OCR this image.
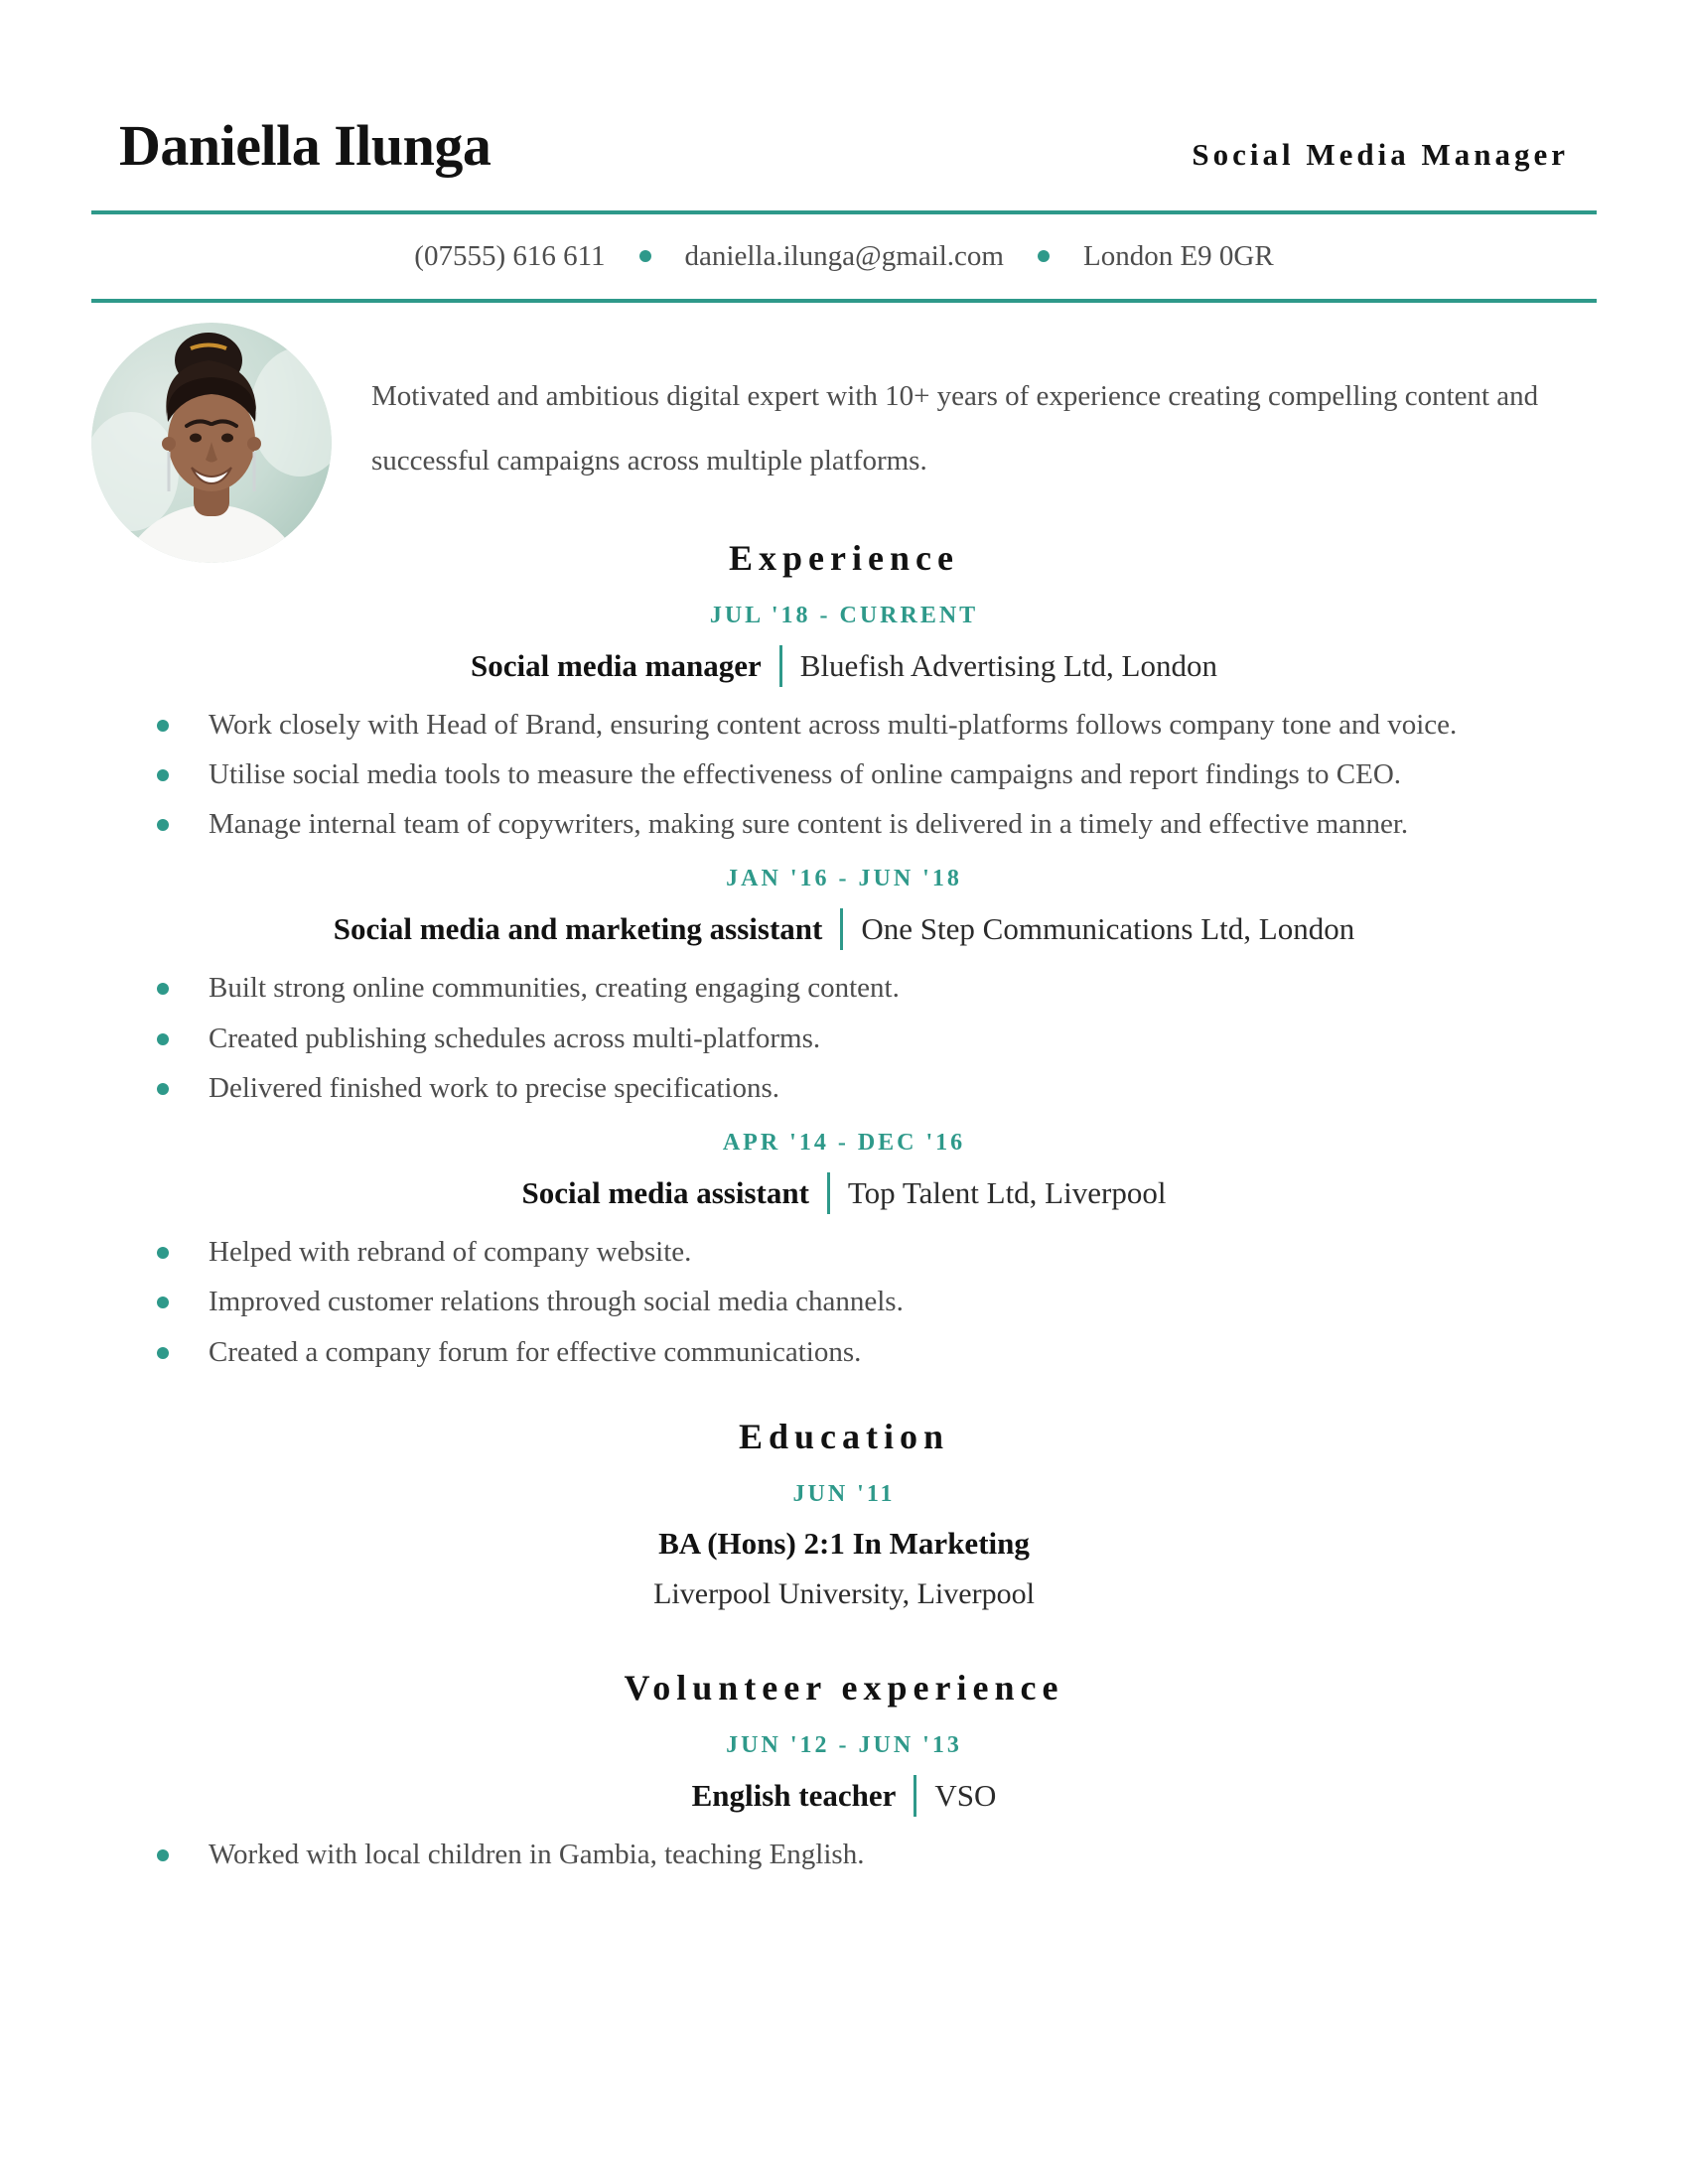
Daniella Ilunga	Social Media Manager
(07555) 616 611	daniella.ilunga@gmail.com	London E9 0GR
Motivated and ambitious digital expert with 10+ years of experience creating compelling content and successful campaigns across multiple platforms.
Experience
JUL '18 - CURRENT
Social media manager Bluefish Advertising Ltd, London
Work closely with Head of Brand, ensuring content across multi-platforms follows company tone and voice.
Utilise social media tools to measure the effectiveness of online campaigns and report findings to CEO.
Manage internal team of copywriters, making sure content is delivered in a timely and effective manner.
JAN '16 - JUN '18
Social media and marketing assistant One Step Communications Ltd, London
Built strong online communities, creating engaging content.
Created publishing schedules across multi-platforms.
Delivered finished work to precise specifications.
APR '14 - DEC '16
Social media assistant Top Talent Ltd, Liverpool
Helped with rebrand of company website.
Improved customer relations through social media channels.
Created a company forum for effective communications.
Education
JUN '11
BA (Hons) 2:1 In Marketing
Liverpool University, Liverpool
Volunteer experience
JUN '12 - JUN '13
English teacher VSO
Worked with local children in Gambia, teaching English.
